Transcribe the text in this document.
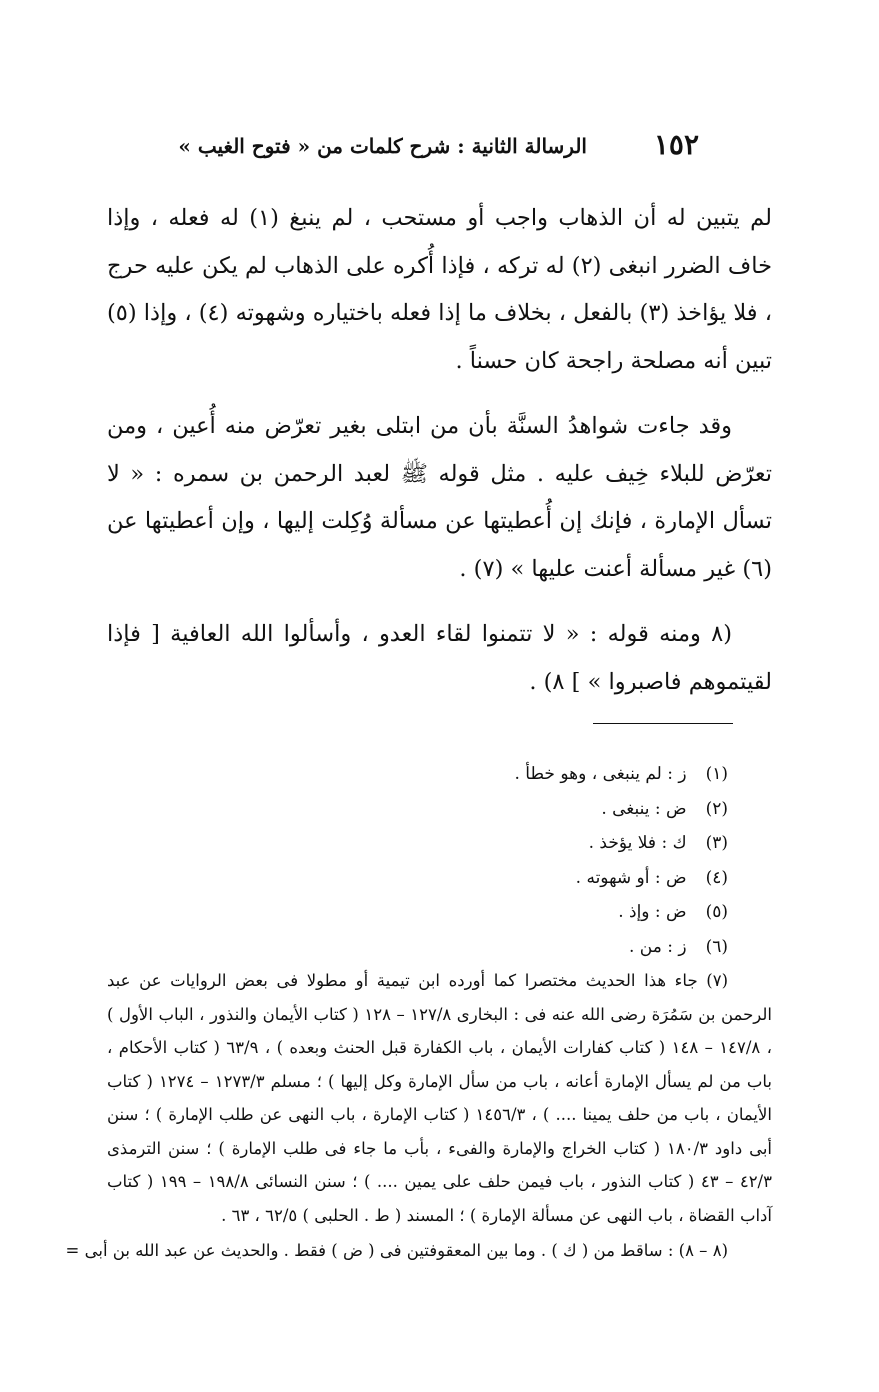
١٥٢
الرسالة الثانية : شرح كلمات من « فتوح الغيب »

لم يتبين له أن الذهاب واجب أو مستحب ، لم ينبغ (١) له فعله ، وإذا خاف الضرر انبغى (٢) له تركه ، فإذا أُكره على الذهاب لم يكن عليه حرج ، فلا يؤاخذ (٣) بالفعل ، بخلاف ما إذا فعله باختياره وشهوته (٤) ، وإذا (٥) تبين أنه مصلحة راجحة كان حسناً .

وقد جاءت شواهدُ السنَّة بأن من ابتلى بغير تعرّض منه أُعين ، ومن تعرّض للبلاء خِيف عليه . مثل قوله ﷺ لعبد الرحمن بن سمره : « لا تسأل الإمارة ، فإنك إن أُعطيتها عن مسألة وُكِلت إليها ، وإن أعطيتها عن (٦) غير مسألة أعنت عليها » (٧) .

(٨ ومنه قوله : « لا تتمنوا لقاء العدو ، وأسألوا الله العافية [ فإذا لقيتموهم فاصبروا » ] ٨) .

(١) ز : لم ينبغى ، وهو خطأ .

(٢) ض : ينبغى .

(٣) ك : فلا يؤخذ .

(٤) ض : أو شهوته .

(٥) ض : وإذ .

(٦) ز : من .

(٧) جاء هذا الحديث مختصرا كما أورده ابن تيمية أو مطولا فى بعض الروايات عن عبد الرحمن بن سَمُرَة رضى الله عنه فى : البخارى ١٢٧/٨ – ١٢٨ ( كتاب الأيمان والنذور ، الباب الأول ) ، ١٤٧/٨ – ١٤٨ ( كتاب كفارات الأيمان ، باب الكفارة قبل الحنث وبعده ) ، ٦٣/٩ ( كتاب الأحكام ، باب من لم يسأل الإمارة أعانه ، باب من سأل الإمارة وكل إليها ) ؛ مسلم ١٢٧٣/٣ – ١٢٧٤ ( كتاب الأيمان ، باب من حلف يمينا .... ) ، ١٤٥٦/٣ ( كتاب الإمارة ، باب النهى عن طلب الإمارة ) ؛ سنن أبى داود ١٨٠/٣ ( كتاب الخراج والإمارة والفىء ، بأب ما جاء فى طلب الإمارة ) ؛ سنن الترمذى ٤٢/٣ – ٤٣ ( كتاب النذور ، باب فيمن حلف على يمين .... ) ؛ سنن النسائى ١٩٨/٨ – ١٩٩ ( كتاب آداب القضاة ، باب النهى عن مسألة الإمارة ) ؛ المسند ( ط . الحلبى ) ٦٢/٥ ، ٦٣ .

(٨ – ٨) : ساقط من ( ك ) . وما بين المعقوفتين فى ( ض ) فقط . والحديث عن عبد الله بن أبى =
